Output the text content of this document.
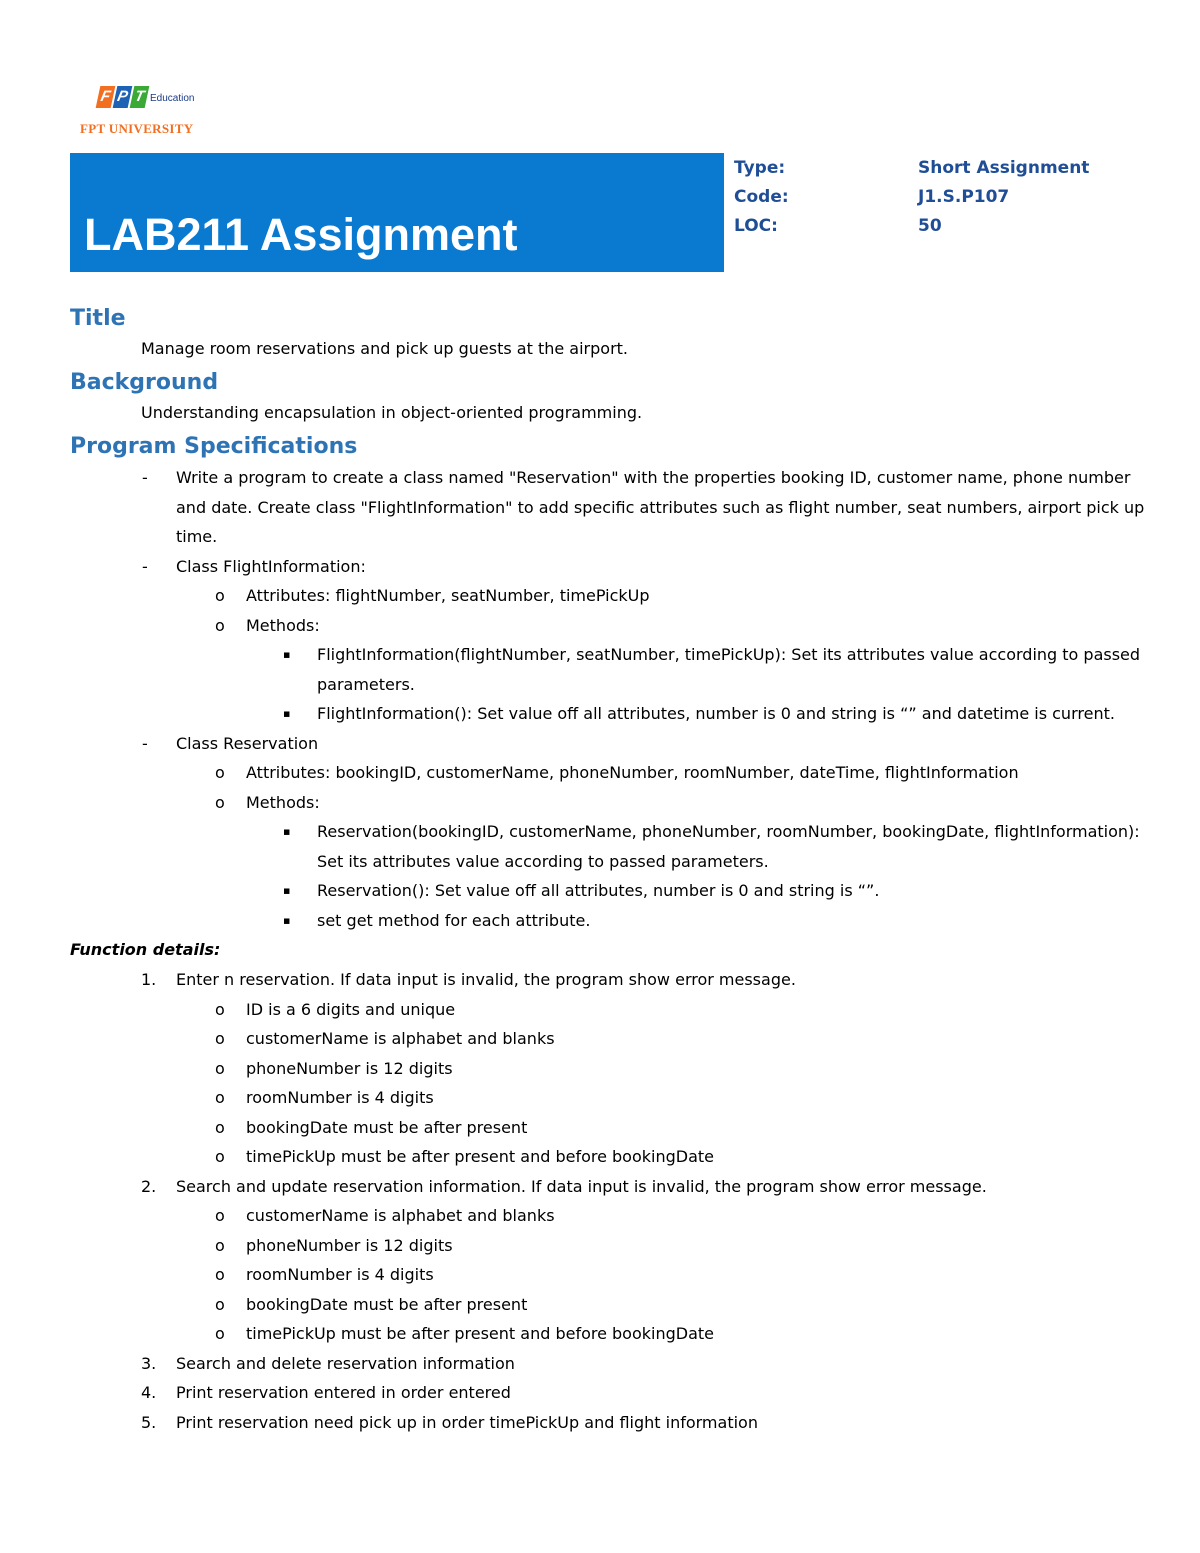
F P T Education
FPT UNIVERSITY
LAB211 Assignment
Type:	Short Assignment
Code:	J1.S.P107
LOC:	50
Title

Manage room reservations and pick up guests at the airport.

Background

Understanding encapsulation in object-oriented programming.

Program Specifications
- Write a program to create a class named "Reservation" with the properties booking ID, customer name, phone number and date. Create class "FlightInformation" to add specific attributes such as flight number, seat numbers, airport pick up time.
- Class FlightInformation:
o Attributes: flightNumber, seatNumber, timePickUp
o Methods:
▪ FlightInformation(flightNumber, seatNumber, timePickUp): Set its attributes value according to passed parameters.
▪ FlightInformation(): Set value off all attributes, number is 0 and string is “” and datetime is current.
- Class Reservation
o Attributes: bookingID, customerName, phoneNumber, roomNumber, dateTime, flightInformation
o Methods:
▪ Reservation(bookingID, customerName, phoneNumber, roomNumber, bookingDate, flightInformation): Set its attributes value according to passed parameters.
▪ Reservation(): Set value off all attributes, number is 0 and string is “”.
▪ set get method for each attribute.

Function details:

1. Enter n reservation. If data input is invalid, the program show error message.
o ID is a 6 digits and unique
o customerName is alphabet and blanks
o phoneNumber is 12 digits
o roomNumber is 4 digits
o bookingDate must be after present
o timePickUp must be after present and before bookingDate
2. Search and update reservation information. If data input is invalid, the program show error message.
o customerName is alphabet and blanks
o phoneNumber is 12 digits
o roomNumber is 4 digits
o bookingDate must be after present
o timePickUp must be after present and before bookingDate
3. Search and delete reservation information
4. Print reservation entered in order entered
5. Print reservation need pick up in order timePickUp and flight information
